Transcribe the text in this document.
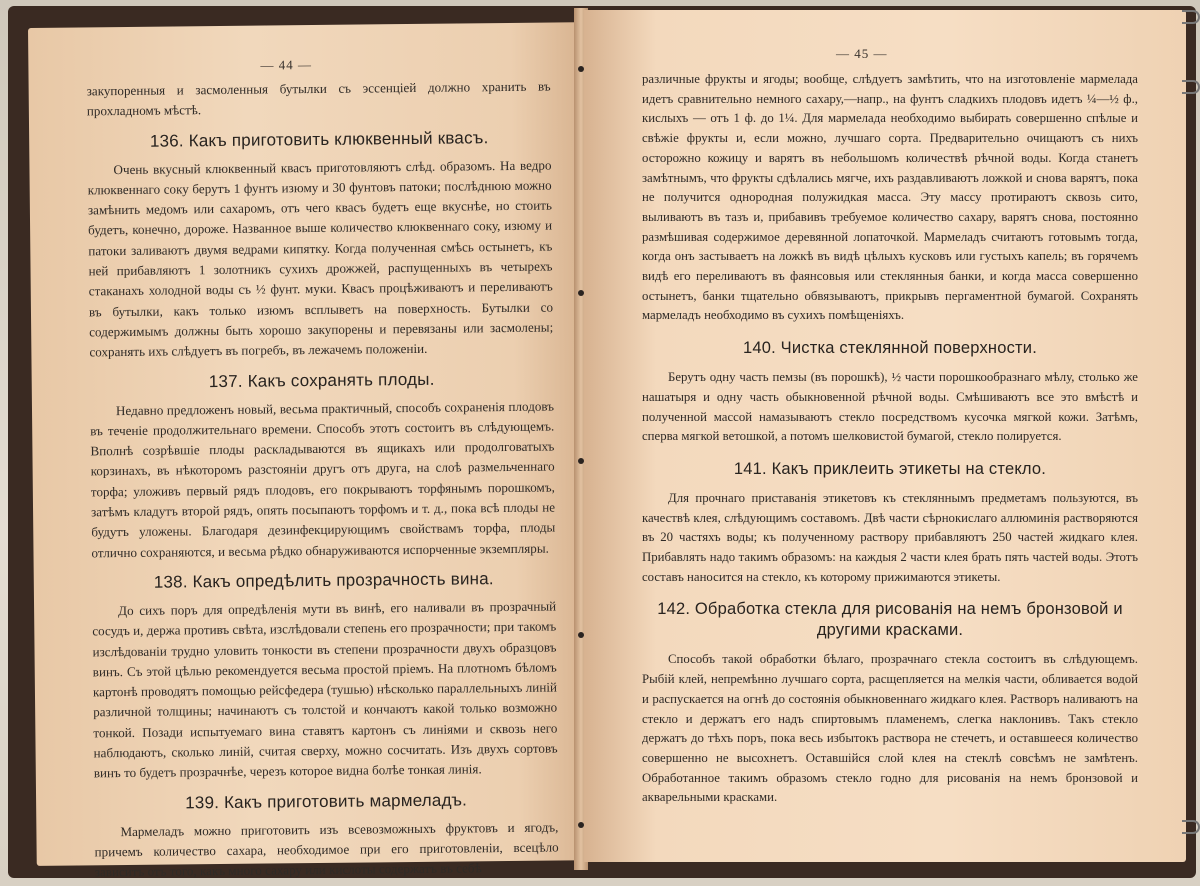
— 44 —

закупоренныя и засмоленныя бутылки съ эссенціей должно хранить въ прохладномъ мѣстѣ.

136. Какъ приготовить клюквенный квасъ.

Очень вкусный клюквенный квасъ приготовляютъ слѣд. образомъ. На ведро клюквеннаго соку берутъ 1 фунтъ изюму и 30 фунтовъ патоки; послѣднюю можно замѣнить медомъ или сахаромъ, отъ чего квасъ будетъ еще вкуснѣе, но стоить будетъ, конечно, дороже. Названное выше количество клюквеннаго соку, изюму и патоки заливаютъ двумя ведрами кипятку. Когда полученная смѣсь остынетъ, къ ней прибавляютъ 1 золотникъ сухихъ дрожжей, распущенныхъ въ четырехъ стаканахъ холодной воды съ ½ фунт. муки. Квасъ процѣживаютъ и переливаютъ въ бутылки, какъ только изюмъ всплыветъ на поверхность. Бутылки со содержимымъ должны быть хорошо закупорены и перевязаны или засмолены; сохранять ихъ слѣдуетъ въ погребъ, въ лежачемъ положеніи.

137. Какъ сохранять плоды.

Недавно предложенъ новый, весьма практичный, способъ сохраненія плодовъ въ теченіе продолжительнаго времени. Способъ этотъ состоитъ въ слѣдующемъ. Вполнѣ созрѣвшіе плоды раскладываются въ ящикахъ или продолговатыхъ корзинахъ, въ нѣкоторомъ разстояніи другъ отъ друга, на слоѣ размельченнаго торфа; уложивъ первый рядъ плодовъ, его покрываютъ торфянымъ порошкомъ, затѣмъ кладутъ второй рядъ, опять посыпаютъ торфомъ и т. д., пока всѣ плоды не будутъ уложены. Благодаря дезинфекцирующимъ свойствамъ торфа, плоды отлично сохраняются, и весьма рѣдко обнаруживаются испорченные экземпляры.

138. Какъ опредѣлить прозрачность вина.

До сихъ поръ для опредѣленія мути въ винѣ, его наливали въ прозрачный сосудъ и, держа противъ свѣта, изслѣдовали степень его прозрачности; при такомъ изслѣдованіи трудно уловить тонкости въ степени прозрачности двухъ образцовъ винъ. Съ этой цѣлью рекомендуется весьма простой пріемъ. На плотномъ бѣломъ картонѣ проводятъ помощью рейсфедера (тушью) нѣсколько параллельныхъ линій различной толщины; начинаютъ съ толстой и кончаютъ какой только возможно тонкой. Позади испытуемаго вина ставятъ картонъ съ линіями и сквозь него наблюдаютъ, сколько линій, считая сверху, можно сосчитать. Изъ двухъ сортовъ винъ то будетъ прозрачнѣе, черезъ которое видна болѣе тонкая линія.

139. Какъ приготовить мармеладъ.

Мармеладъ можно приготовить изъ всевозможныхъ фруктовъ и ягодъ, причемъ количество сахара, необходимое при его приготовленіи, всецѣло зависитъ отъ того, какъ много сахару или кислоты содержатъ въ себѣ

— 45 —

различные фрукты и ягоды; вообще, слѣдуетъ замѣтить, что на изготовленіе мармелада идетъ сравнительно немного сахару,—напр., на фунтъ сладкихъ плодовъ идетъ ¼—½ ф., кислыхъ — отъ 1 ф. до 1¼. Для мармелада необходимо выбирать совершенно спѣлые и свѣжіе фрукты и, если можно, лучшаго сорта. Предварительно очищаютъ съ нихъ осторожно кожицу и варятъ въ небольшомъ количествѣ рѣчной воды. Когда станетъ замѣтнымъ, что фрукты сдѣлались мягче, ихъ раздавливаютъ ложкой и снова варятъ, пока не получится однородная полужидкая масса. Эту массу протираютъ сквозь сито, выливаютъ въ тазъ и, прибавивъ требуемое количество сахару, варятъ снова, постоянно размѣшивая содержимое деревянной лопаточкой. Мармеладъ считаютъ готовымъ тогда, когда онъ застываетъ на ложкѣ въ видѣ цѣлыхъ кусковъ или густыхъ капель; въ горячемъ видѣ его переливаютъ въ фаянсовыя или стеклянныя банки, и когда масса совершенно остынетъ, банки тщательно обвязываютъ, прикрывъ пергаментной бумагой. Сохранять мармеладъ необходимо въ сухихъ помѣщеніяхъ.

140. Чистка стеклянной поверхности.

Берутъ одну часть пемзы (въ порошкѣ), ½ части порошкообразнаго мѣлу, столько же нашатыря и одну часть обыкновенной рѣчной воды. Смѣшиваютъ все это вмѣстѣ и полученной массой намазываютъ стекло посредствомъ кусочка мягкой кожи. Затѣмъ, сперва мягкой ветошкой, а потомъ шелковистой бумагой, стекло полируется.

141. Какъ приклеить этикеты на стекло.

Для прочнаго приставанія этикетовъ къ стекляннымъ предметамъ пользуются, въ качествѣ клея, слѣдующимъ составомъ. Двѣ части сѣрнокислаго аллюминія растворяются въ 20 частяхъ воды; къ полученному раствору прибавляютъ 250 частей жидкаго клея. Прибавлять надо такимъ образомъ: на каждыя 2 части клея брать пять частей воды. Этотъ составъ наносится на стекло, къ которому прижимаются этикеты.

142. Обработка стекла для рисованія на немъ бронзовой и другими красками.

Способъ такой обработки бѣлаго, прозрачнаго стекла состоитъ въ слѣдующемъ. Рыбій клей, непремѣнно лучшаго сорта, расщепляется на мелкія части, обливается водой и распускается на огнѣ до состоянія обыкновеннаго жидкаго клея. Растворъ наливаютъ на стекло и держатъ его надъ спиртовымъ пламенемъ, слегка наклонивъ. Такъ стекло держатъ до тѣхъ поръ, пока весь избытокъ раствора не стечетъ, и оставшееся количество совершенно не высохнетъ. Оставшійся слой клея на стеклѣ совсѣмъ не замѣтенъ. Обработанное такимъ образомъ стекло годно для рисованія на немъ бронзовой и акварельными красками.
